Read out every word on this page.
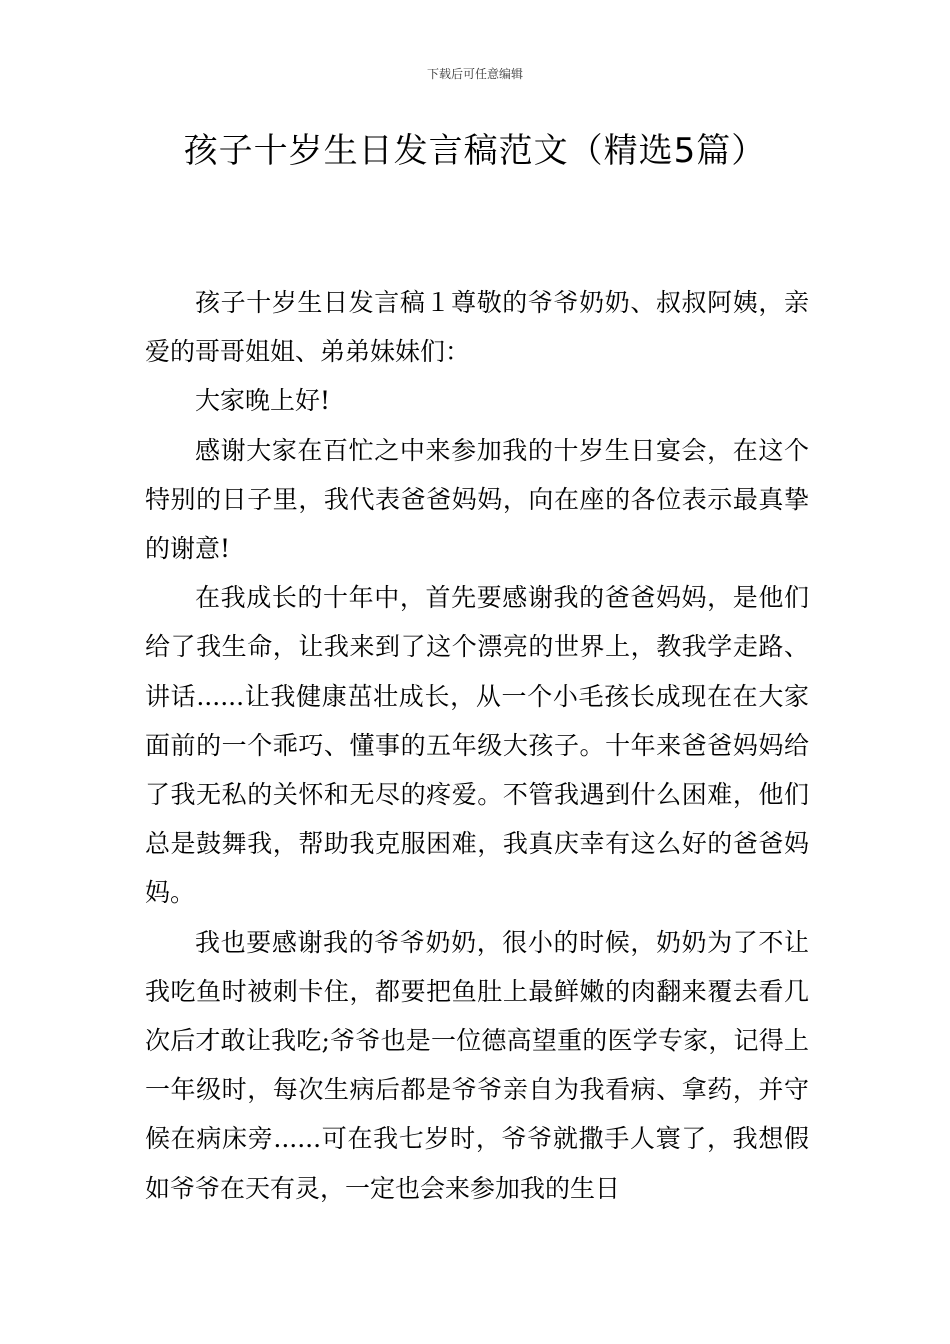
下载后可任意编辑
孩子十岁生日发言稿范文（精选5篇）

孩子十岁生日发言稿１尊敬的爷爷奶奶、叔叔阿姨，亲爱的哥哥姐姐、弟弟妹妹们：

大家晚上好!

感谢大家在百忙之中来参加我的十岁生日宴会，在这个特别的日子里，我代表爸爸妈妈，向在座的各位表示最真挚的谢意!

在我成长的十年中，首先要感谢我的爸爸妈妈，是他们给了我生命，让我来到了这个漂亮的世界上，教我学走路、讲话......让我健康茁壮成长，从一个小毛孩长成现在在大家面前的一个乖巧、懂事的五年级大孩子。十年来爸爸妈妈给了我无私的关怀和无尽的疼爱。不管我遇到什么困难，他们总是鼓舞我，帮助我克服困难，我真庆幸有这么好的爸爸妈妈。

我也要感谢我的爷爷奶奶，很小的时候，奶奶为了不让我吃鱼时被刺卡住，都要把鱼肚上最鲜嫩的肉翻来覆去看几次后才敢让我吃;爷爷也是一位德高望重的医学专家，记得上一年级时，每次生病后都是爷爷亲自为我看病、拿药，并守候在病床旁......可在我七岁时，爷爷就撒手人寰了，我想假如爷爷在天有灵，一定也会来参加我的生日
